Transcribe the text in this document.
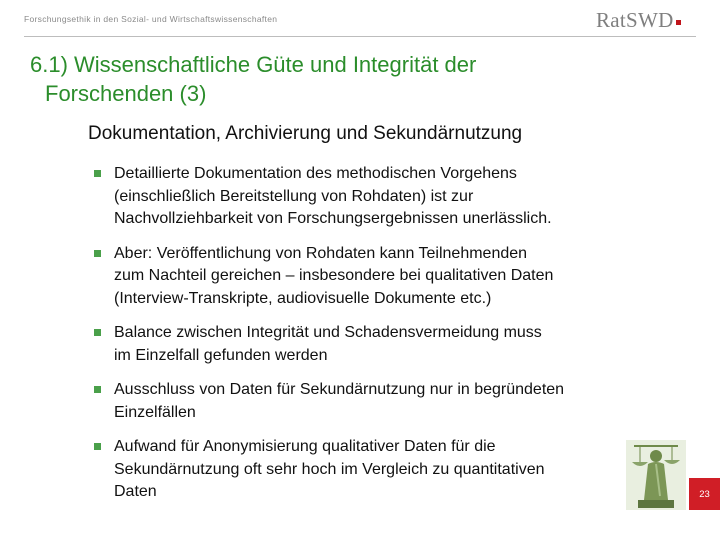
Forschungsethik in den Sozial- und Wirtschaftswissenschaften	RatSWD
6.1) Wissenschaftliche Güte und Integrität der
Forschenden (3)
Dokumentation, Archivierung und Sekundärnutzung
Detaillierte Dokumentation des methodischen Vorgehens
(einschließlich Bereitstellung von Rohdaten) ist zur
Nachvollziehbarkeit von Forschungsergebnissen unerlässlich.
Aber: Veröffentlichung von Rohdaten kann Teilnehmenden
zum Nachteil gereichen – insbesondere bei qualitativen Daten
(Interview-Transkripte, audiovisuelle Dokumente etc.)
Balance zwischen Integrität und Schadensvermeidung muss
im Einzelfall gefunden werden
Ausschluss von Daten für Sekundärnutzung nur in begründeten
Einzelfällen
Aufwand für Anonymisierung qualitativer Daten für die
Sekundärnutzung oft sehr hoch im Vergleich zu quantitativen
Daten	23
